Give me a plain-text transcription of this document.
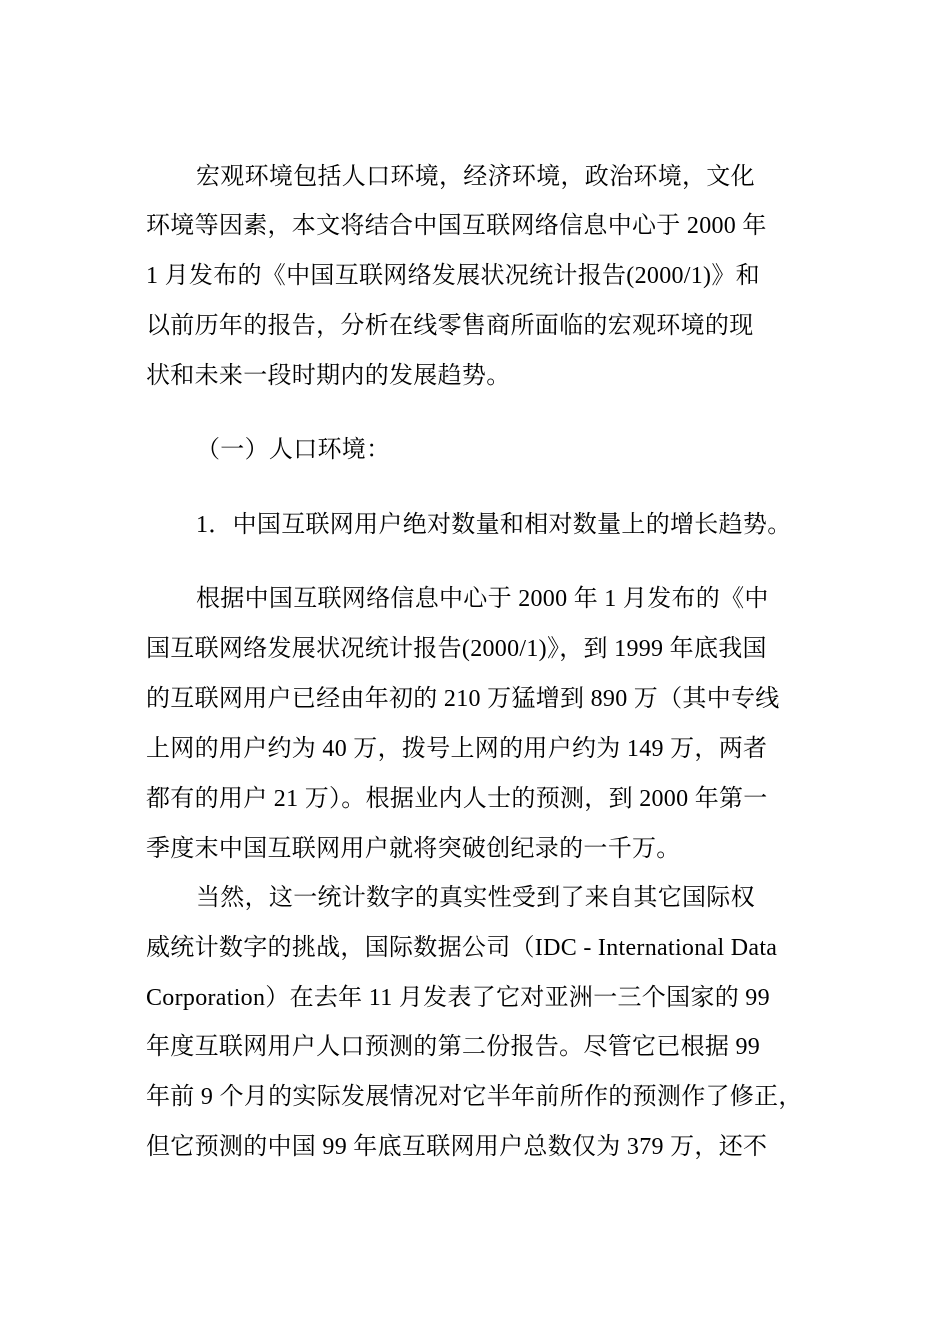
宏观环境包括人口环境，经济环境，政治环境，文化
环境等因素，本文将结合中国互联网络信息中心于 2000 年
1 月发布的《中国互联网络发展状况统计报告(2000/1)》和
以前历年的报告，分析在线零售商所面临的宏观环境的现
状和未来一段时期内的发展趋势。
（一）人口环境：
1．中国互联网用户绝对数量和相对数量上的增长趋势。
根据中国互联网络信息中心于 2000 年 1 月发布的《中
国互联网络发展状况统计报告(2000/1)》，到 1999 年底我国
的互联网用户已经由年初的 210 万猛增到 890 万（其中专线
上网的用户约为 40 万，拨号上网的用户约为 149 万，两者
都有的用户 21 万）。根据业内人士的预测，到 2000 年第一
季度末中国互联网用户就将突破创纪录的一千万。
当然，这一统计数字的真实性受到了来自其它国际权
威统计数字的挑战，国际数据公司（IDC - International Data
Corporation）在去年 11 月发表了它对亚洲一三个国家的 99
年度互联网用户人口预测的第二份报告。尽管它已根据 99
年前 9 个月的实际发展情况对它半年前所作的预测作了修正，
但它预测的中国 99 年底互联网用户总数仅为 379 万，还不
